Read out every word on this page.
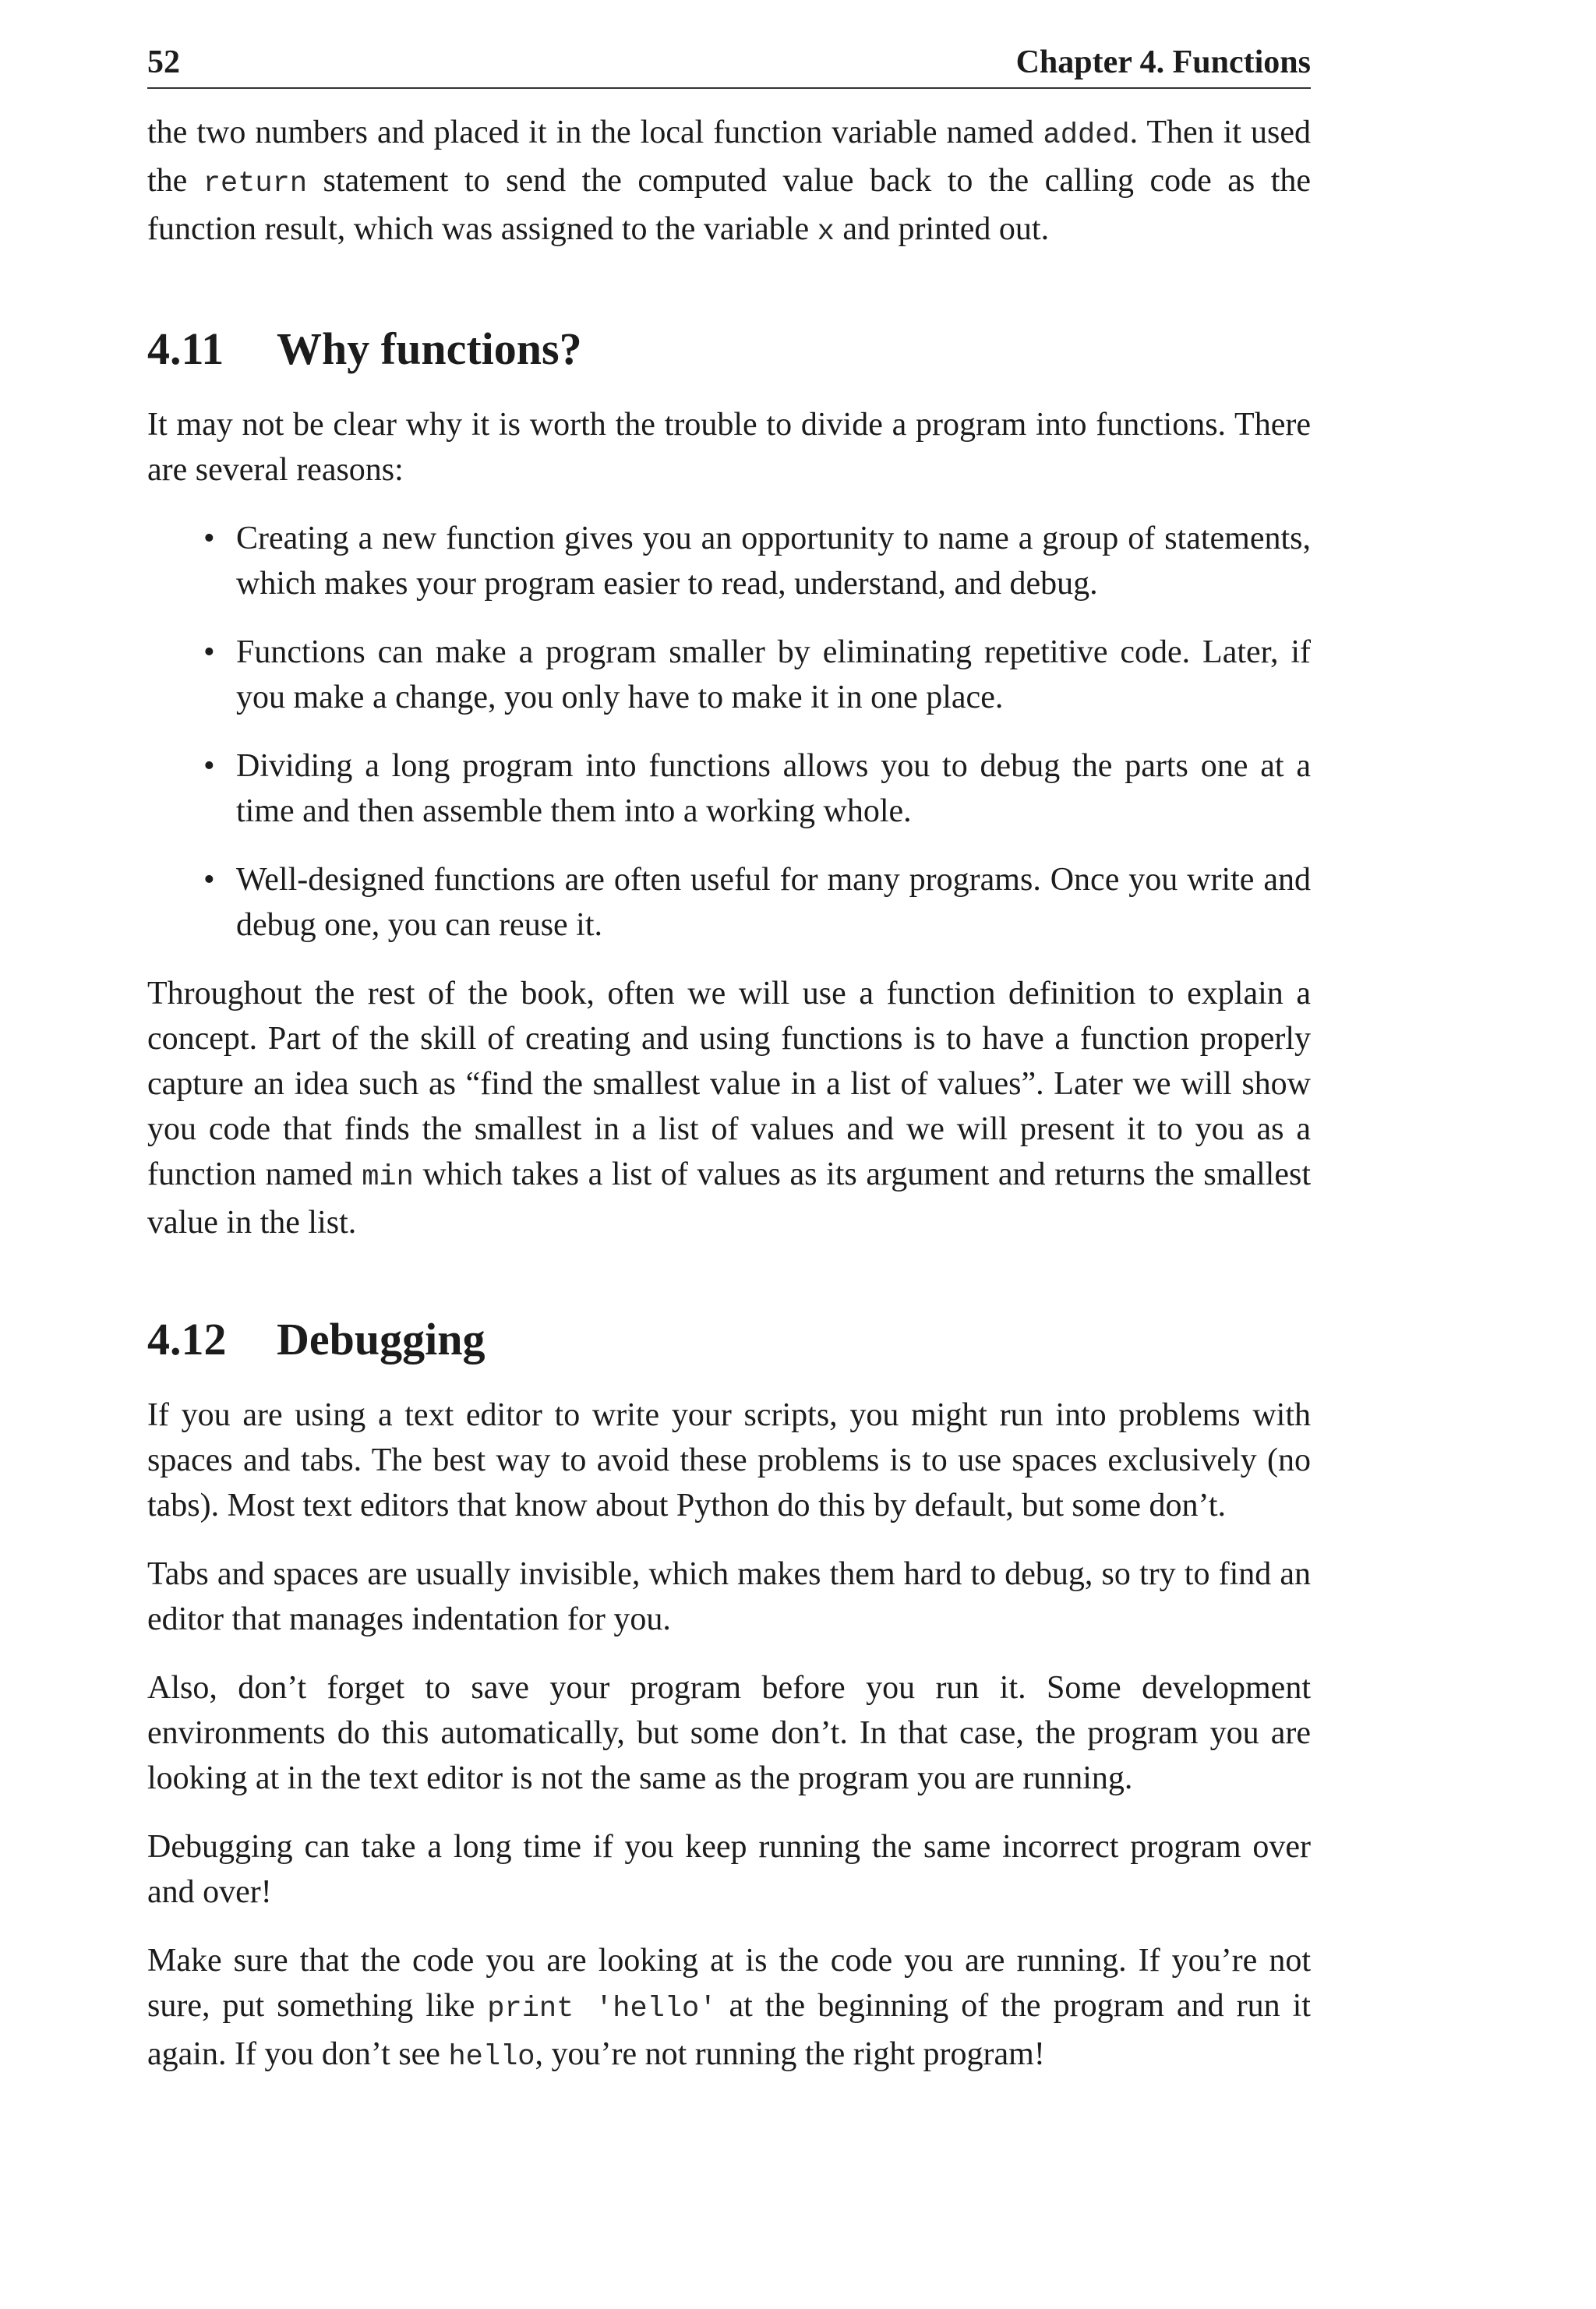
52	Chapter 4. Functions

the two numbers and placed it in the local function variable named added. Then it used the return statement to send the computed value back to the calling code as the function result, which was assigned to the variable x and printed out.

4.11 Why functions?

It may not be clear why it is worth the trouble to divide a program into functions. There are several reasons:

• Creating a new function gives you an opportunity to name a group of statements, which makes your program easier to read, understand, and debug.
• Functions can make a program smaller by eliminating repetitive code. Later, if you make a change, you only have to make it in one place.
• Dividing a long program into functions allows you to debug the parts one at a time and then assemble them into a working whole.
• Well-designed functions are often useful for many programs. Once you write and debug one, you can reuse it.

Throughout the rest of the book, often we will use a function definition to explain a concept. Part of the skill of creating and using functions is to have a function properly capture an idea such as “find the smallest value in a list of values”. Later we will show you code that finds the smallest in a list of values and we will present it to you as a function named min which takes a list of values as its argument and returns the smallest value in the list.

4.12 Debugging

If you are using a text editor to write your scripts, you might run into problems with spaces and tabs. The best way to avoid these problems is to use spaces exclusively (no tabs). Most text editors that know about Python do this by default, but some don’t.

Tabs and spaces are usually invisible, which makes them hard to debug, so try to find an editor that manages indentation for you.

Also, don’t forget to save your program before you run it. Some development environments do this automatically, but some don’t. In that case, the program you are looking at in the text editor is not the same as the program you are running.

Debugging can take a long time if you keep running the same incorrect program over and over!

Make sure that the code you are looking at is the code you are running. If you’re not sure, put something like print 'hello' at the beginning of the program and run it again. If you don’t see hello, you’re not running the right program!
